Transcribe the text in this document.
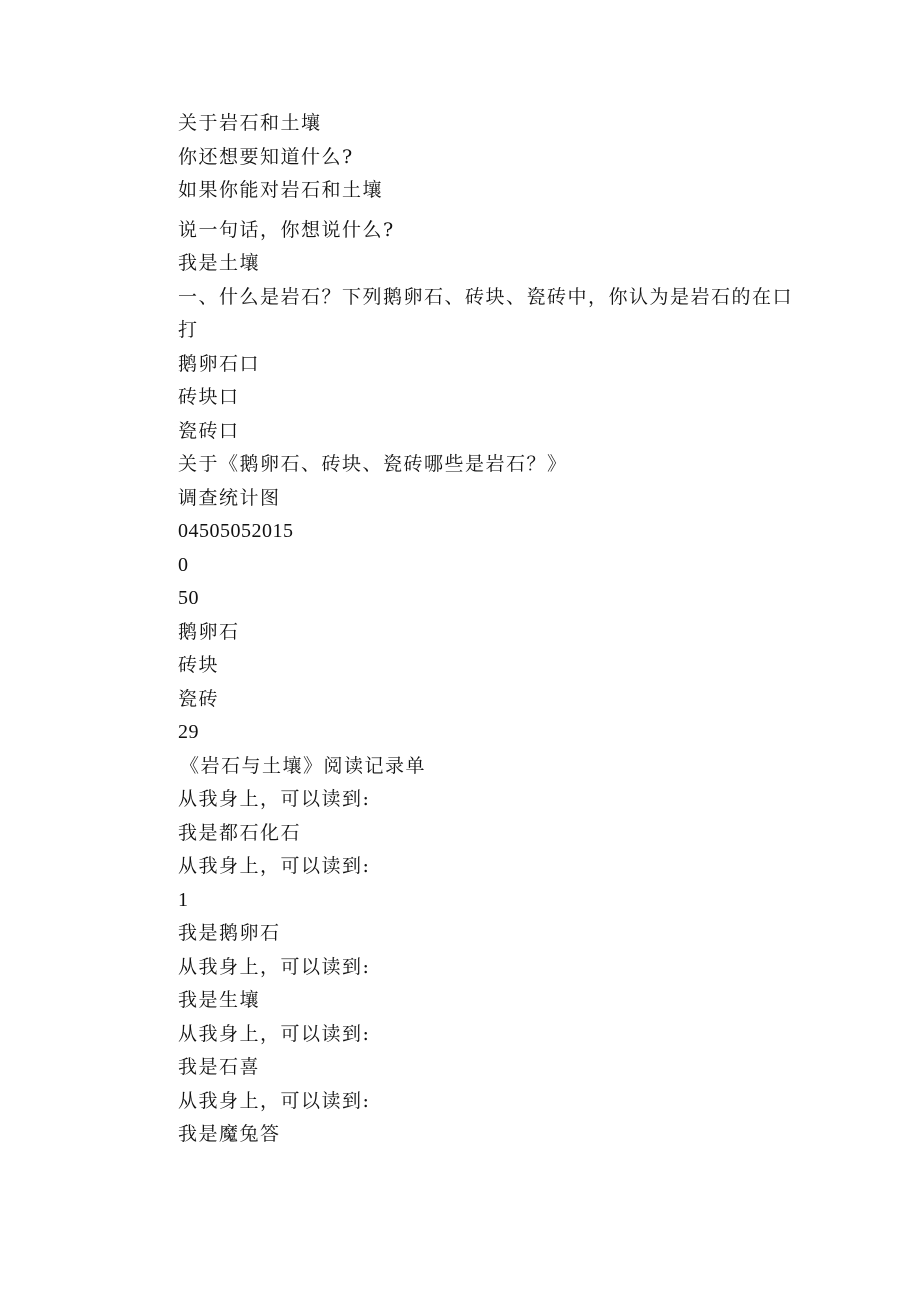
关于岩石和土壤
你还想要知道什么?
如果你能对岩石和土壤
说一句话，你想说什么?
我是土壤
一、什么是岩石？下列鹅卵石、砖块、瓷砖中，你认为是岩石的在口打
鹅卵石口
砖块口
瓷砖口
关于《鹅卵石、砖块、瓷砖哪些是岩石？》
调查统计图
04505052015
0
50
鹅卵石
砖块
瓷砖
29
《岩石与土壤》阅读记录单
从我身上，可以读到:
我是都石化石
从我身上，可以读到:
1
我是鹅卵石
从我身上，可以读到:
我是生壤
从我身上，可以读到:
我是石喜
从我身上，可以读到:
我是魔兔答
